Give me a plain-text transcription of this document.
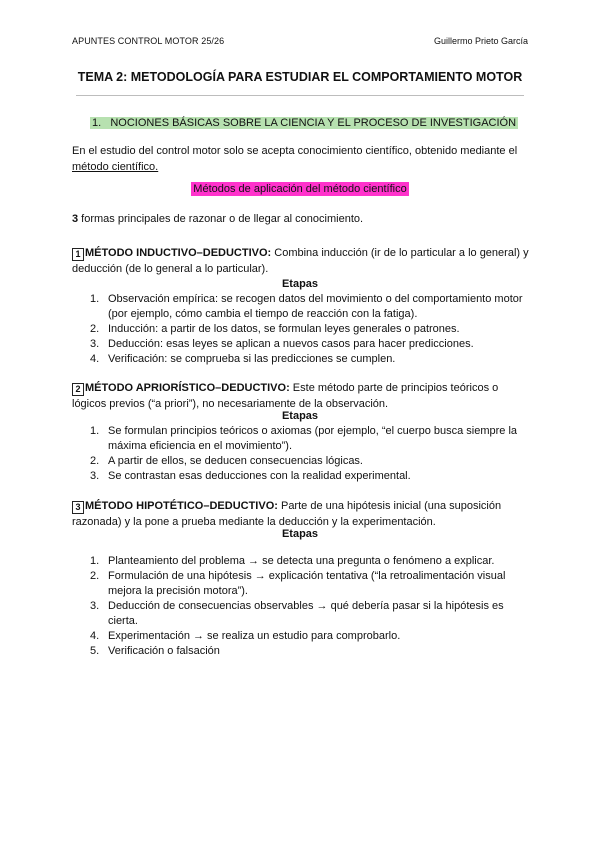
APUNTES CONTROL MOTOR 25/26	Guillermo Prieto García
TEMA 2: METODOLOGÍA PARA ESTUDIAR EL COMPORTAMIENTO MOTOR
1. NOCIONES BÁSICAS SOBRE LA CIENCIA Y EL PROCESO DE INVESTIGACIÓN
En el estudio del control motor solo se acepta conocimiento científico, obtenido mediante el método científico.
Métodos de aplicación del método científico
3 formas principales de razonar o de llegar al conocimiento.
1 MÉTODO INDUCTIVO–DEDUCTIVO: Combina inducción (ir de lo particular a lo general) y deducción (de lo general a lo particular).
Etapas
1. Observación empírica: se recogen datos del movimiento o del comportamiento motor (por ejemplo, cómo cambia el tiempo de reacción con la fatiga).
2. Inducción: a partir de los datos, se formulan leyes generales o patrones.
3. Deducción: esas leyes se aplican a nuevos casos para hacer predicciones.
4. Verificación: se comprueba si las predicciones se cumplen.
2 MÉTODO APRIORÍSTICO–DEDUCTIVO: Este método parte de principios teóricos o lógicos previos (“a priori”), no necesariamente de la observación.
Etapas
1. Se formulan principios teóricos o axiomas (por ejemplo, “el cuerpo busca siempre la máxima eficiencia en el movimiento”).
2. A partir de ellos, se deducen consecuencias lógicas.
3. Se contrastan esas deducciones con la realidad experimental.
3 MÉTODO HIPOTÉTICO–DEDUCTIVO: Parte de una hipótesis inicial (una suposición razonada) y la pone a prueba mediante la deducción y la experimentación.
Etapas
1. Planteamiento del problema → se detecta una pregunta o fenómeno a explicar.
2. Formulación de una hipótesis → explicación tentativa (“la retroalimentación visual mejora la precisión motora”).
3. Deducción de consecuencias observables → qué debería pasar si la hipótesis es cierta.
4. Experimentación → se realiza un estudio para comprobarlo.
5. Verificación o falsación
